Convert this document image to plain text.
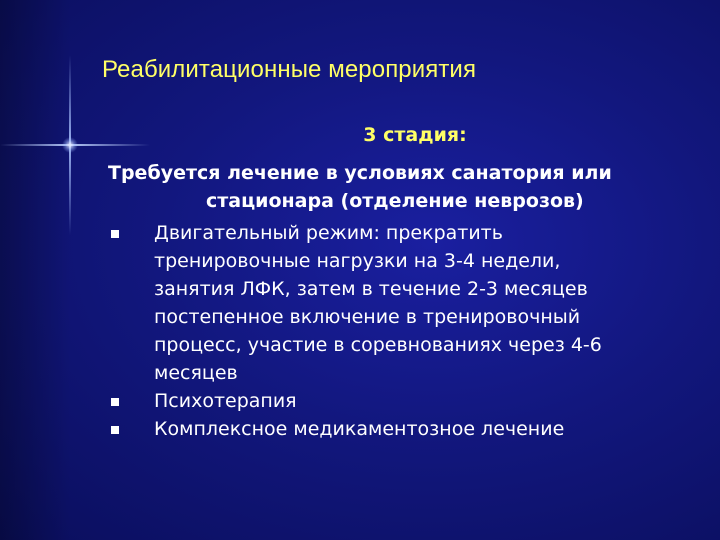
Реабилитационные мероприятия
3 стадия:
Требуется лечение в условиях санатория или
стационара (отделение неврозов)
Двигательный режим: прекратить
тренировочные нагрузки на 3-4 недели,
занятия ЛФК, затем в течение 2-3 месяцев
постепенное включение в тренировочный
процесс, участие в соревнованиях через 4-6
месяцев
Психотерапия
Комплексное медикаментозное лечение
